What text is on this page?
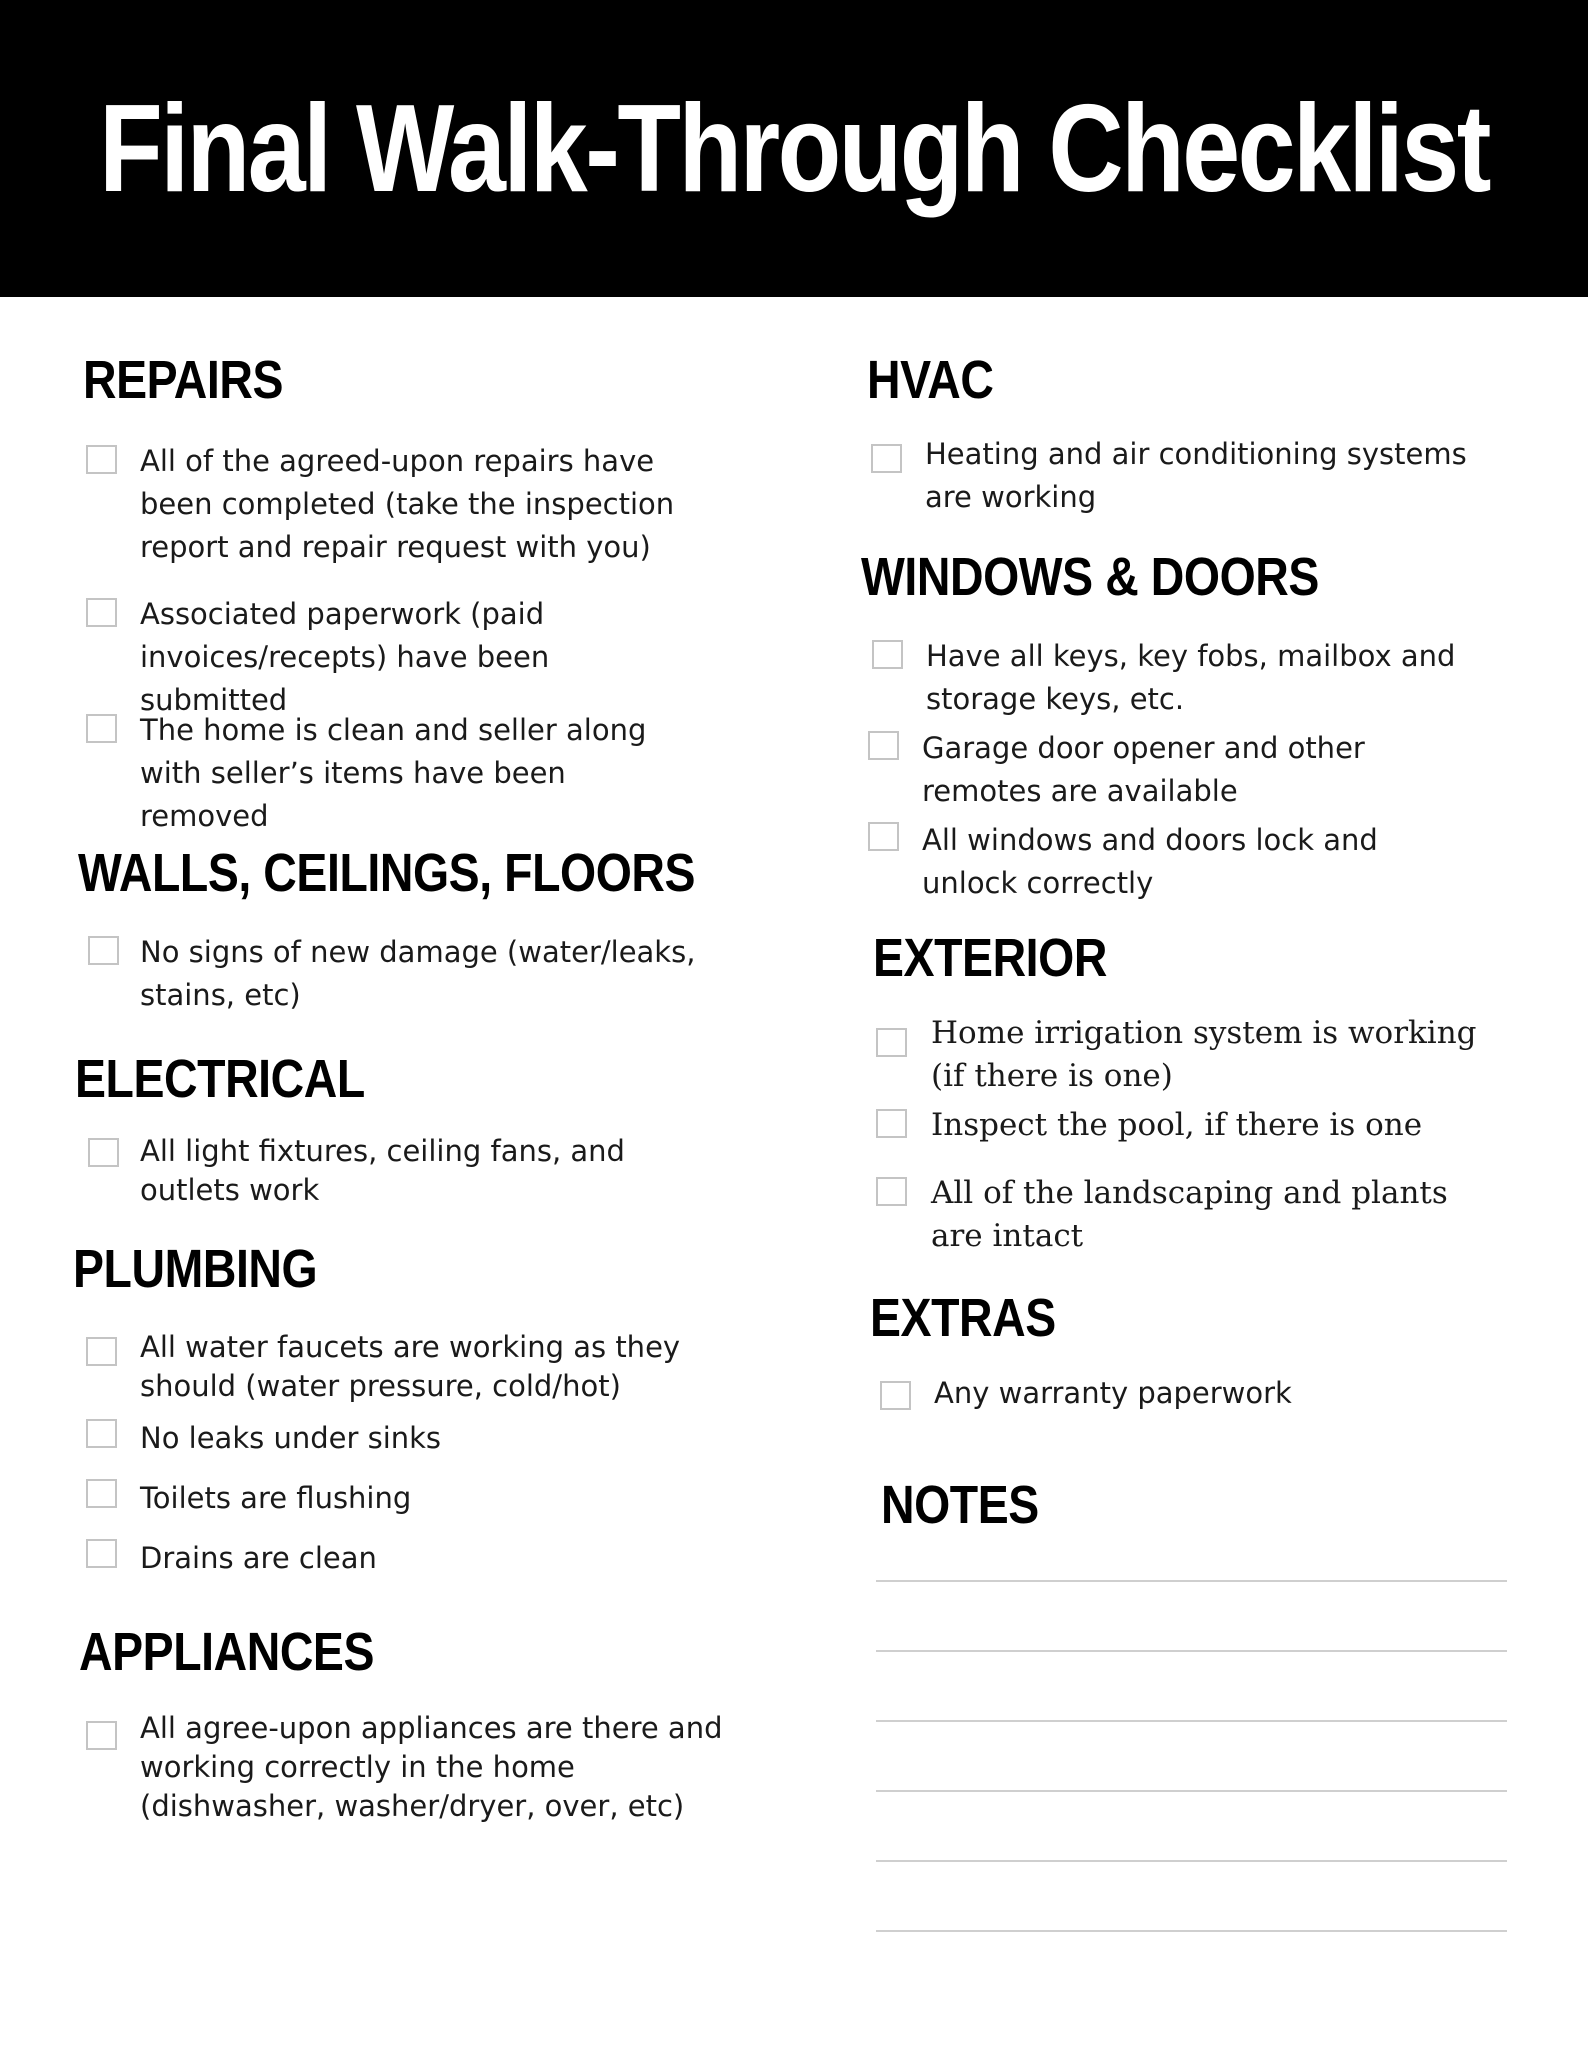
Final Walk-Through Checklist
REPAIRS
All of the agreed-upon repairs have been completed (take the inspection report and repair request with you)
Associated paperwork (paid invoices/recepts) have been submitted
The home is clean and seller along with seller’s items have been removed
WALLS, CEILINGS, FLOORS
No signs of new damage (water/leaks, stains, etc)
ELECTRICAL
All light fixtures, ceiling fans, and outlets work
PLUMBING
All water faucets are working as they should (water pressure, cold/hot)
No leaks under sinks
Toilets are flushing
Drains are clean
APPLIANCES
All agree-upon appliances are there and working correctly in the home (dishwasher, washer/dryer, over, etc)
HVAC
Heating and air conditioning systems are working
WINDOWS & DOORS
Have all keys, key fobs, mailbox and storage keys, etc.
Garage door opener and other remotes are available
All windows and doors lock and unlock correctly
EXTERIOR
Home irrigation system is working (if there is one)
Inspect the pool, if there is one
All of the landscaping and plants are intact
EXTRAS
Any warranty paperwork
NOTES
